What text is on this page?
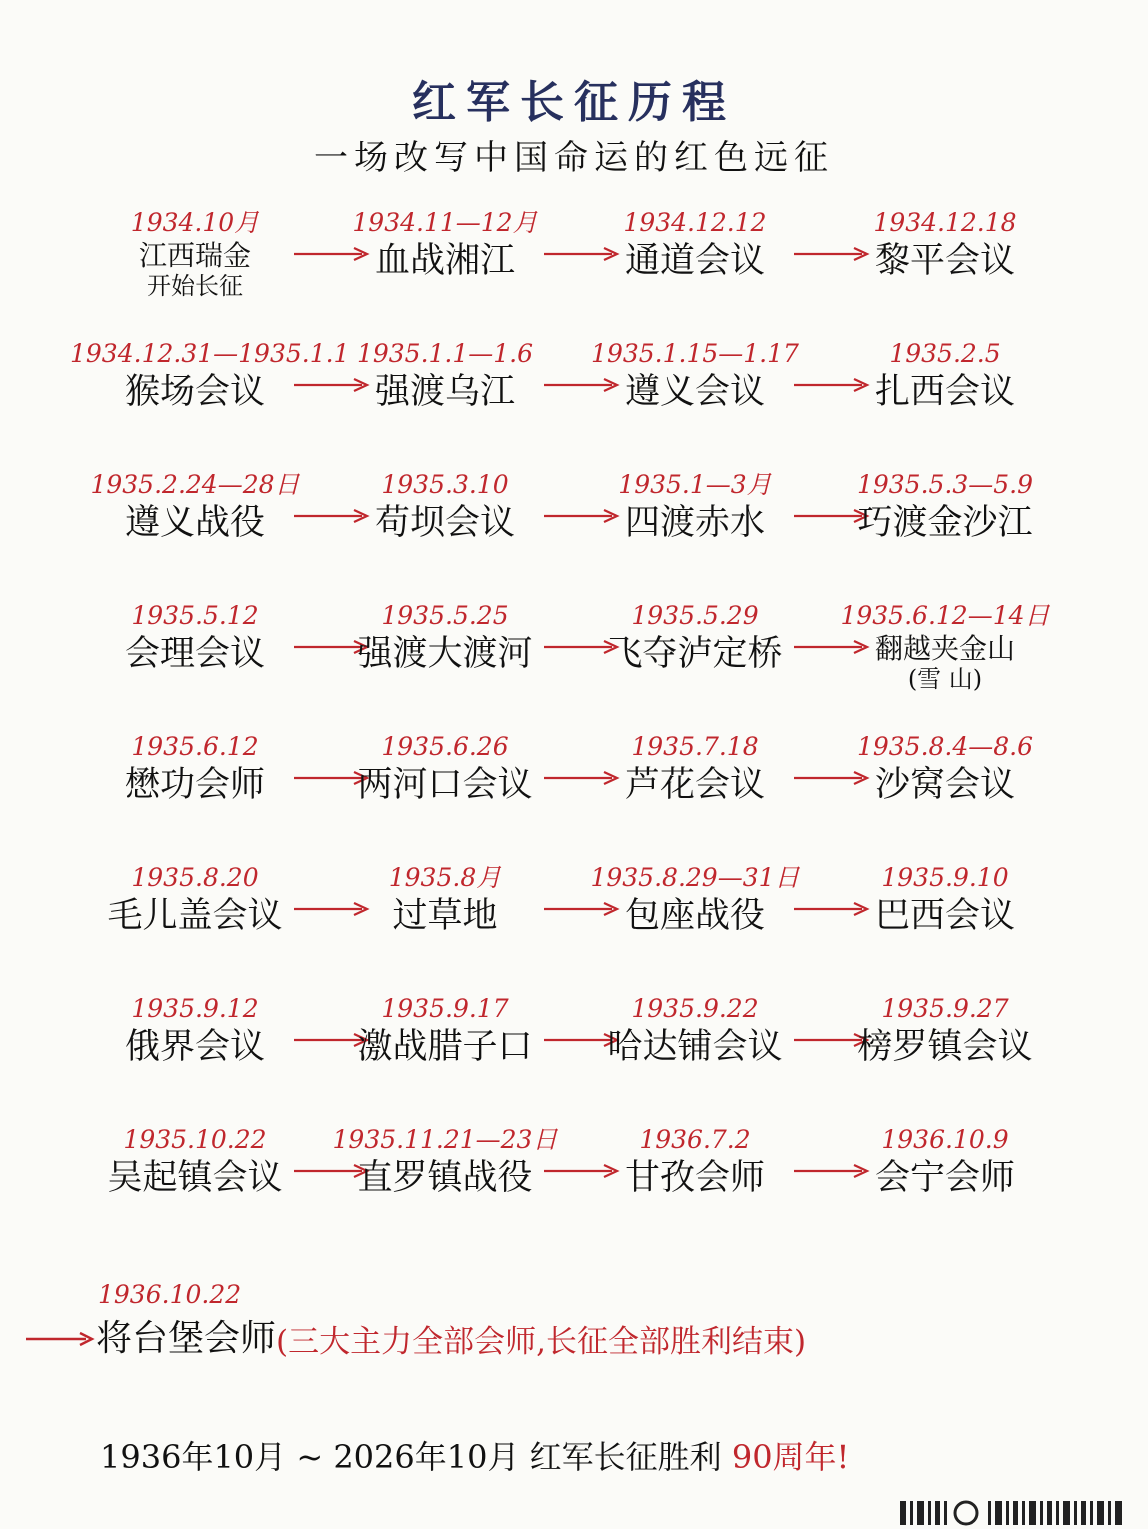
红军长征历程
一场改写中国命运的红色远征
1934.10月
江西瑞金
开始长征
1934.11—12月
血战湘江
1934.12.12
通道会议
1934.12.18
黎平会议
1934.12.31—1935.1.1
猴场会议
1935.1.1—1.6
强渡乌江
1935.1.15—1.17
遵义会议
1935.2.5
扎西会议
1935.2.24—28日
遵义战役
1935.3.10
苟坝会议
1935.1—3月
四渡赤水
1935.5.3—5.9
巧渡金沙江
1935.5.12
会理会议
1935.5.25
强渡大渡河
1935.5.29
飞夺泸定桥
1935.6.12—14日
翻越夹金山
(雪 山)
1935.6.12
懋功会师
1935.6.26
两河口会议
1935.7.18
芦花会议
1935.8.4—8.6
沙窝会议
1935.8.20
毛儿盖会议
1935.8月
过草地
1935.8.29—31日
包座战役
1935.9.10
巴西会议
1935.9.12
俄界会议
1935.9.17
激战腊子口
1935.9.22
哈达铺会议
1935.9.27
榜罗镇会议
1935.10.22
吴起镇会议
1935.11.21—23日
直罗镇战役
1936.7.2
甘孜会师
1936.10.9
会宁会师
1936.10.22
将台堡会师 (三大主力全部会师,长征全部胜利结束)
1936年10月 ~ 2026年10月 红军长征胜利 90周年!
